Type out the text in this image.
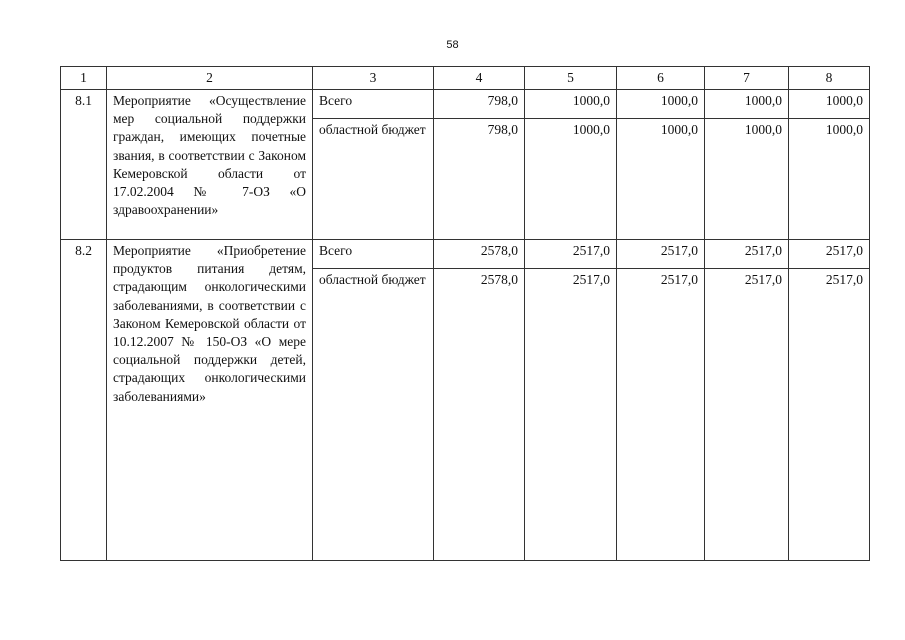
58
1	2	3	4	5	6	7	8
8.1	Мероприятие «Осуществление мер социальной поддержки граждан, имеющих почетные звания, в соответствии с Законом Кемеровской области от 17.02.2004 № 7-ОЗ «О здравоохранении»	Всего	798,0	1000,0	1000,0	1000,0	1000,0
		областной бюджет	798,0	1000,0	1000,0	1000,0	1000,0
8.2	Мероприятие «Приобретение продуктов питания детям, страдающим онкологическими заболеваниями, в соответствии с Законом Кемеровской области от 10.12.2007 № 150-ОЗ «О мере социальной поддержки детей, страдающих онкологическими заболеваниями»	Всего	2578,0	2517,0	2517,0	2517,0	2517,0
		областной бюджет	2578,0	2517,0	2517,0	2517,0	2517,0
